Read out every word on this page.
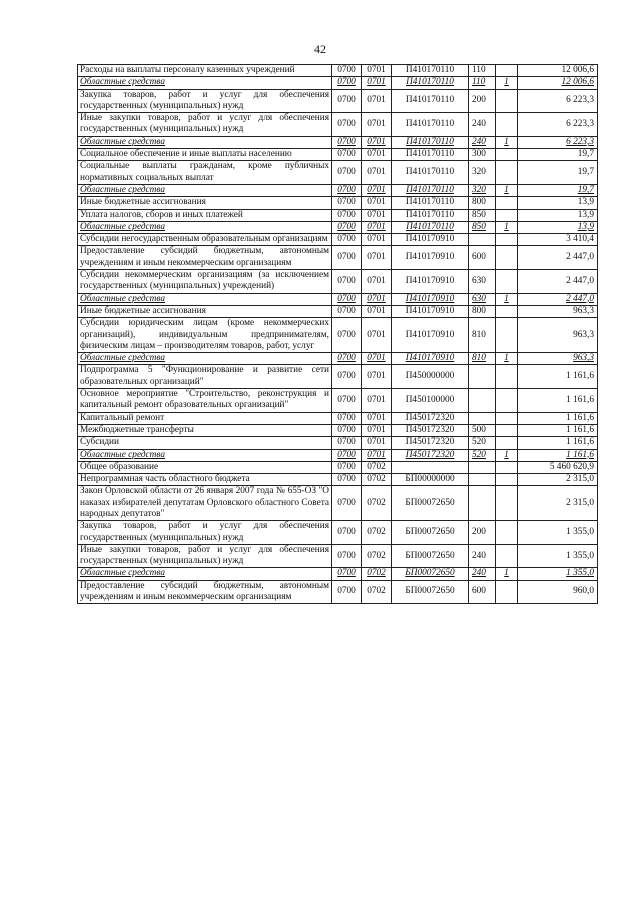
42
Расходы на выплаты персоналу казенных учреждений	0700	0701	П410170110	110		12 006,6
Областные средства	0700	0701	П410170110	110	1	12 006,6
Закупка товаров, работ и услуг для обеспечения государственных (муниципальных) нужд	0700	0701	П410170110	200		6 223,3
Иные закупки товаров, работ и услуг для обеспечения государственных (муниципальных) нужд	0700	0701	П410170110	240		6 223,3
Областные средства	0700	0701	П410170110	240	1	6 223,3
Социальное обеспечение и иные выплаты населению	0700	0701	П410170110	300		19,7
Социальные выплаты гражданам, кроме публичных нормативных социальных выплат	0700	0701	П410170110	320		19,7
Областные средства	0700	0701	П410170110	320	1	19,7
Иные бюджетные ассигнования	0700	0701	П410170110	800		13,9
Уплата налогов, сборов и иных платежей	0700	0701	П410170110	850		13,9
Областные средства	0700	0701	П410170110	850	1	13,9
Субсидии негосударственным образовательным организациям	0700	0701	П410170910			3 410,4
Предоставление субсидий бюджетным, автономным учреждениям и иным некоммерческим организациям	0700	0701	П410170910	600		2 447,0
Субсидии некоммерческим организациям (за исключением государственных (муниципальных) учреждений)	0700	0701	П410170910	630		2 447,0
Областные средства	0700	0701	П410170910	630	1	2 447,0
Иные бюджетные ассигнования	0700	0701	П410170910	800		963,3
Субсидии юридическим лицам (кроме некоммерческих организаций), индивидуальным предпринимателям, физическим лицам – производителям товаров, работ, услуг	0700	0701	П410170910	810		963,3
Областные средства	0700	0701	П410170910	810	1	963,3
Подпрограмма 5 "Функционирование и развитие сети образовательных организаций"	0700	0701	П450000000			1 161,6
Основное мероприятие "Строительство, реконструкция и капитальный ремонт образовательных организаций"	0700	0701	П450100000			1 161,6
Капитальный ремонт	0700	0701	П450172320			1 161,6
Межбюджетные трансферты	0700	0701	П450172320	500		1 161,6
Субсидии	0700	0701	П450172320	520		1 161,6
Областные средства	0700	0701	П450172320	520	1	1 161,6
Общее образование	0700	0702				5 460 620,9
Непрограммная часть областного бюджета	0700	0702	БП00000000			2 315,0
Закон Орловской области от 26 января 2007 года № 655-ОЗ "О наказах избирателей депутатам Орловского областного Совета народных депутатов"	0700	0702	БП00072650			2 315,0
Закупка товаров, работ и услуг для обеспечения государственных (муниципальных) нужд	0700	0702	БП00072650	200		1 355,0
Иные закупки товаров, работ и услуг для обеспечения государственных (муниципальных) нужд	0700	0702	БП00072650	240		1 355,0
Областные средства	0700	0702	БП00072650	240	1	1 355,0
Предоставление субсидий бюджетным, автономным учреждениям и иным некоммерческим организациям	0700	0702	БП00072650	600		960,0
